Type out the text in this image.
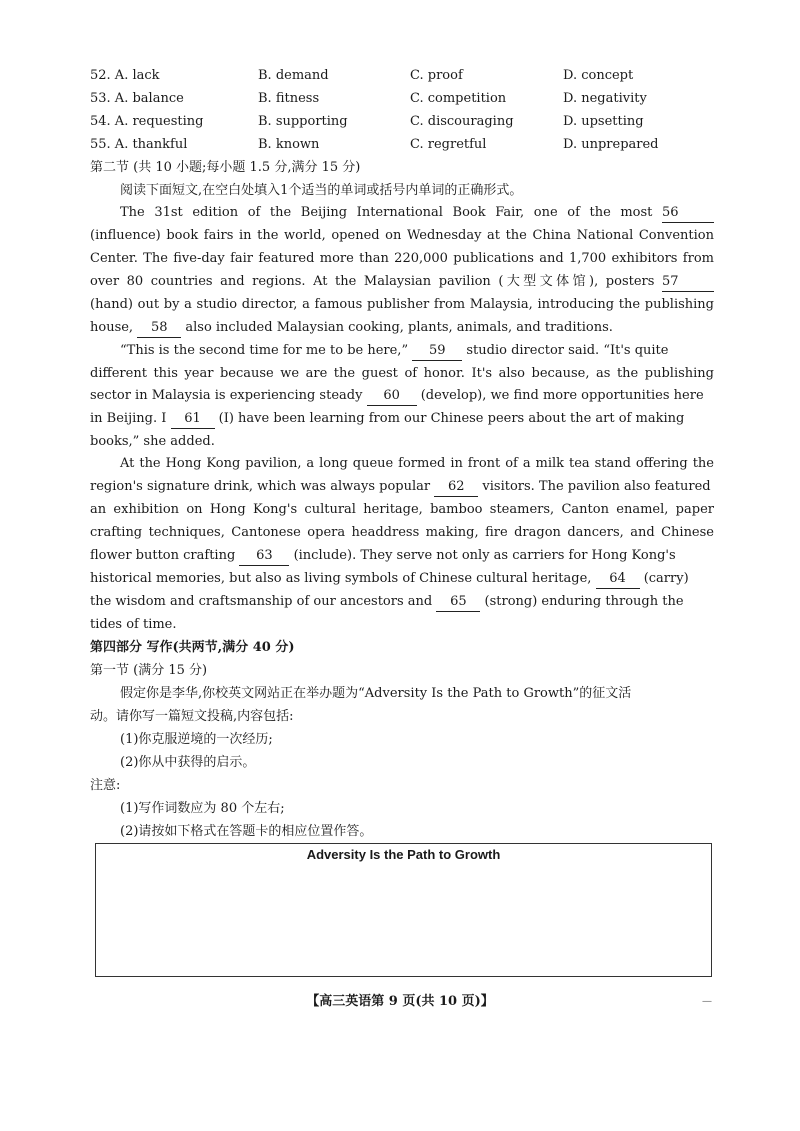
52. A. lack	B. demand	C. proof	D. concept
53. A. balance	B. fitness	C. competition	D. negativity
54. A. requesting	B. supporting	C. discouraging	D. upsetting
55. A. thankful	B. known	C. regretful	D. unprepared
第二节 (共 10 小题;每小题 1.5 分,满分 15 分)
阅读下面短文,在空白处填入1个适当的单词或括号内单词的正确形式。
The 31st edition of the Beijing International Book Fair, one of the most 56
(influence) book fairs in the world, opened on Wednesday at the China National Convention
Center. The five-day fair featured more than 220,000 publications and 1,700 exhibitors from
over 80 countries and regions. At the Malaysian pavilion (大型文体馆), posters 57
(hand) out by a studio director, a famous publisher from Malaysia, introducing the publishing
house, 58 also included Malaysian cooking, plants, animals, and traditions.
“This is the second time for me to be here,” 59 studio director said. “It's quite
different this year because we are the guest of honor. It's also because, as the publishing
sector in Malaysia is experiencing steady 60 (develop), we find more opportunities here
in Beijing. I 61 (I) have been learning from our Chinese peers about the art of making
books,” she added.
At the Hong Kong pavilion, a long queue formed in front of a milk tea stand offering the
region's signature drink, which was always popular 62 visitors. The pavilion also featured
an exhibition on Hong Kong's cultural heritage, bamboo steamers, Canton enamel, paper
crafting techniques, Cantonese opera headdress making, fire dragon dancers, and Chinese
flower button crafting 63 (include). They serve not only as carriers for Hong Kong's
historical memories, but also as living symbols of Chinese cultural heritage, 64 (carry)
the wisdom and craftsmanship of our ancestors and 65 (strong) enduring through the
tides of time.
第四部分 写作(共两节,满分 40 分)
第一节 (满分 15 分)
假定你是李华,你校英文网站正在举办题为“Adversity Is the Path to Growth”的征文活
动。请你写一篇短文投稿,内容包括:
(1)你克服逆境的一次经历;
(2)你从中获得的启示。
注意:
(1)写作词数应为 80 个左右;
(2)请按如下格式在答题卡的相应位置作答。
Adversity Is the Path to Growth
【高三英语第 9 页(共 10 页)】	—
